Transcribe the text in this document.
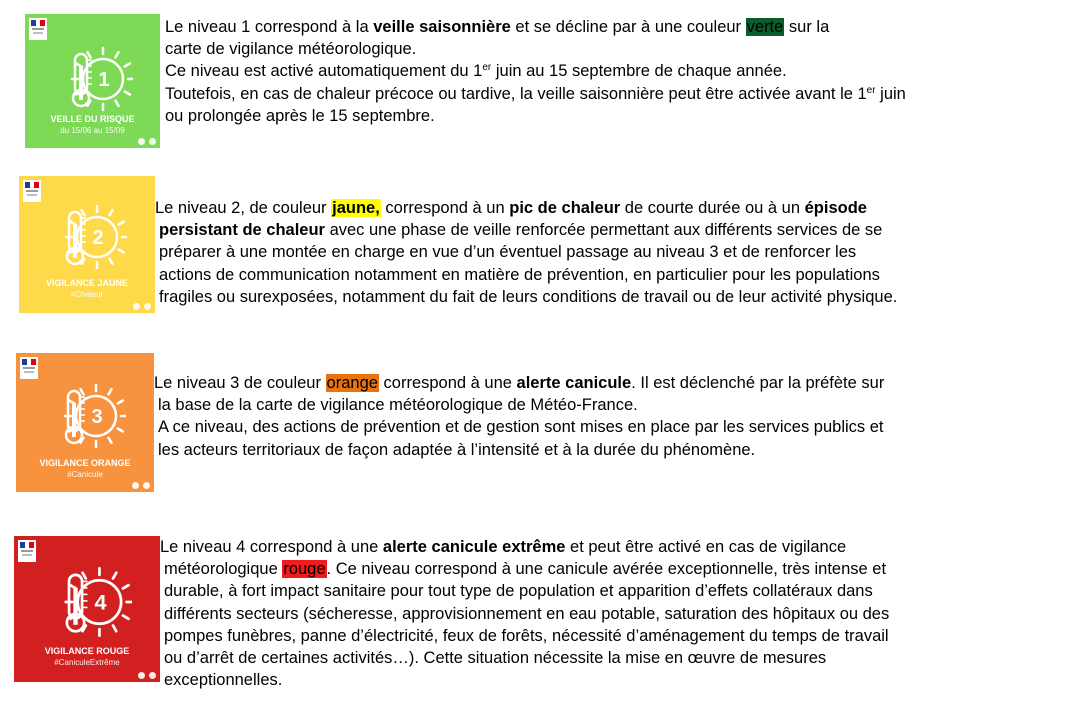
1
VEILLE DU RISQUE
du 15/06 au 15/09
Le niveau 1 correspond à la veille saisonnière et se décline par à une couleur verte sur la
carte de vigilance météorologique.
Ce niveau est activé automatiquement du 1er juin au 15 septembre de chaque année.
Toutefois, en cas de chaleur précoce ou tardive, la veille saisonnière peut être activée avant le 1er juin
ou prolongée après le 15 septembre.
2
VIGILANCE JAUNE
#Chaleur
Le niveau 2, de couleur jaune, correspond à un pic de chaleur de courte durée ou à un épisode
persistant de chaleur avec une phase de veille renforcée permettant aux différents services de se
préparer à une montée en charge en vue d’un éventuel passage au niveau 3 et de renforcer les
actions de communication notamment en matière de prévention, en particulier pour les populations
fragiles ou surexposées, notamment du fait de leurs conditions de travail ou de leur activité physique.
3
VIGILANCE ORANGE
#Canicule
Le niveau 3 de couleur orange correspond à une alerte canicule. Il est déclenché par la préfète sur
la base de la carte de vigilance météorologique de Météo-France.
A ce niveau, des actions de prévention et de gestion sont mises en place par les services publics et
les acteurs territoriaux de façon adaptée à l’intensité et à la durée du phénomène.
4
VIGILANCE ROUGE
#CaniculeExtrême
Le niveau 4 correspond à une alerte canicule extrême et peut être activé en cas de vigilance
météorologique rouge. Ce niveau correspond à une canicule avérée exceptionnelle, très intense et
durable, à fort impact sanitaire pour tout type de population et apparition d’effets collatéraux dans
différents secteurs (sécheresse, approvisionnement en eau potable, saturation des hôpitaux ou des
pompes funèbres, panne d’électricité, feux de forêts, nécessité d’aménagement du temps de travail
ou d’arrêt de certaines activités…). Cette situation nécessite la mise en œuvre de mesures
exceptionnelles.
